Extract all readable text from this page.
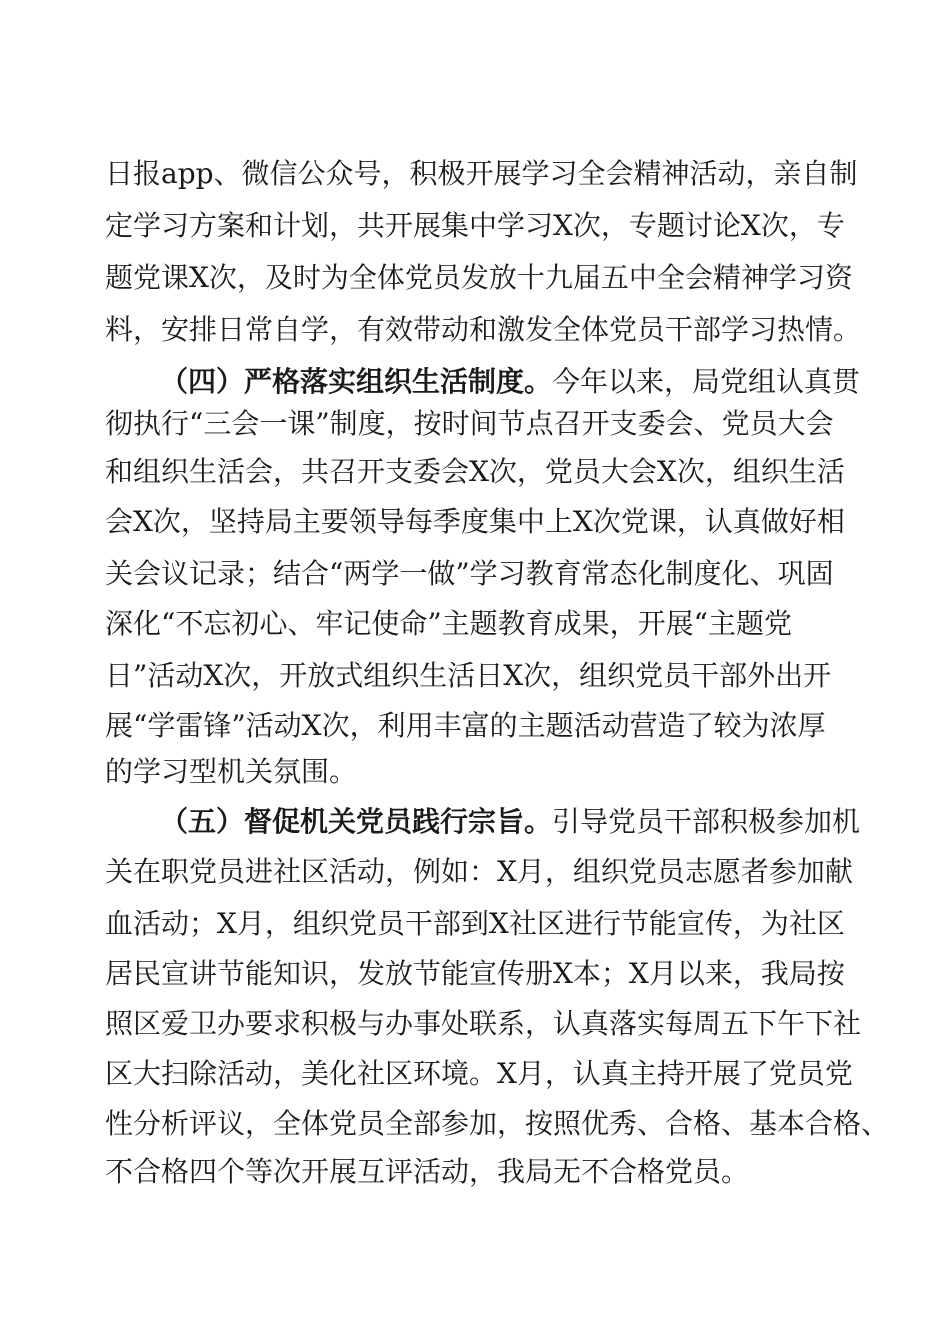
日报app、微信公众号，积极开展学习全会精神活动，亲自制
定学习方案和计划，共开展集中学习X次，专题讨论X次，专
题党课X次，及时为全体党员发放十九届五中全会精神学习资
料，安排日常自学，有效带动和激发全体党员干部学习热情。
（四）严格落实组织生活制度。今年以来，局党组认真贯
彻执行“三会一课”制度，按时间节点召开支委会、党员大会
和组织生活会，共召开支委会X次，党员大会X次，组织生活
会X次，坚持局主要领导每季度集中上X次党课，认真做好相
关会议记录；结合“两学一做”学习教育常态化制度化、巩固
深化“不忘初心、牢记使命”主题教育成果，开展“主题党
日”活动X次，开放式组织生活日X次，组织党员干部外出开
展“学雷锋”活动X次，利用丰富的主题活动营造了较为浓厚
的学习型机关氛围。
（五）督促机关党员践行宗旨。引导党员干部积极参加机
关在职党员进社区活动，例如：X月，组织党员志愿者参加献
血活动；X月，组织党员干部到X社区进行节能宣传，为社区
居民宣讲节能知识，发放节能宣传册X本；X月以来，我局按
照区爱卫办要求积极与办事处联系，认真落实每周五下午下社
区大扫除活动，美化社区环境。X月，认真主持开展了党员党
性分析评议，全体党员全部参加，按照优秀、合格、基本合格、
不合格四个等次开展互评活动，我局无不合格党员。
